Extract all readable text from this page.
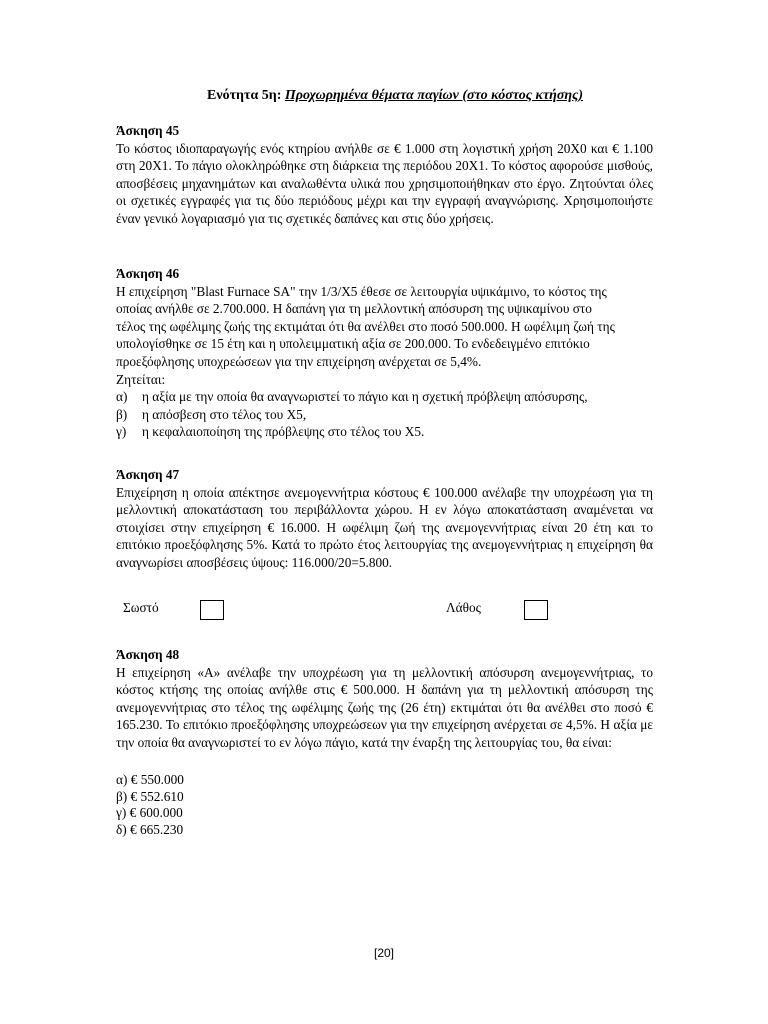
Ενότητα 5η: Προχωρημένα θέματα παγίων (στο κόστος κτήσης)
Άσκηση 45

Το κόστος ιδιοπαραγωγής ενός κτηρίου ανήλθε σε € 1.000 στη λογιστική χρήση 20Χ0 και € 1.100 στη 20Χ1. Το πάγιο ολοκληρώθηκε στη διάρκεια της περιόδου 20Χ1. Το κόστος αφορούσε μισθούς, αποσβέσεις μηχανημάτων και αναλωθέντα υλικά που χρησιμοποιήθηκαν στο έργο. Ζητούνται όλες οι σχετικές εγγραφές για τις δύο περιόδους μέχρι και την εγγραφή αναγνώρισης. Χρησιμοποιήστε έναν γενικό λογαριασμό για τις σχετικές δαπάνες και στις δύο χρήσεις.

Άσκηση 46
Η επιχείρηση "Blast Furnace SA" την 1/3/Χ5 έθεσε σε λειτουργία υψικάμινο, το κόστος της
οποίας ανήλθε σε 2.700.000. Η δαπάνη για τη μελλοντική απόσυρση της υψικαμίνου στο
τέλος της ωφέλιμης ζωής της εκτιμάται ότι θα ανέλθει στο ποσό 500.000. Η ωφέλιμη ζωή της
υπολογίσθηκε σε 15 έτη και η υπολειμματική αξία σε 200.000. Το ενδεδειγμένο επιτόκιο
προεξόφλησης υποχρεώσεων για την επιχείρηση ανέρχεται σε 5,4%.
Ζητείται:
α)	η αξία με την οποία θα αναγνωριστεί το πάγιο και η σχετική πρόβλεψη απόσυρσης,
β)	η απόσβεση στο τέλος του Χ5,
γ)	η κεφαλαιοποίηση της πρόβλεψης στο τέλος του Χ5.
Άσκηση 47

Επιχείρηση η οποία απέκτησε ανεμογεννήτρια κόστους € 100.000 ανέλαβε την υποχρέωση για τη μελλοντική αποκατάσταση του περιβάλλοντα χώρου. Η εν λόγω αποκατάσταση αναμένεται να στοιχίσει στην επιχείρηση € 16.000. Η ωφέλιμη ζωή της ανεμογεννήτριας είναι 20 έτη και το επιτόκιο προεξόφλησης 5%. Κατά το πρώτο έτος λειτουργίας της ανεμογεννήτριας η επιχείρηση θα αναγνωρίσει αποσβέσεις ύψους: 116.000/20=5.800.

Σωστό	Λάθος
Άσκηση 48

Η επιχείρηση «Α» ανέλαβε την υποχρέωση για τη μελλοντική απόσυρση ανεμογεννήτριας, το κόστος κτήσης της οποίας ανήλθε στις € 500.000. Η δαπάνη για τη μελλοντική απόσυρση της ανεμογεννήτριας στο τέλος της ωφέλιμης ζωής της (26 έτη) εκτιμάται ότι θα ανέλθει στο ποσό € 165.230. Το επιτόκιο προεξόφλησης υποχρεώσεων για την επιχείρηση ανέρχεται σε 4,5%. Η αξία με την οποία θα αναγνωριστεί το εν λόγω πάγιο, κατά την έναρξη της λειτουργίας του, θα είναι:

α) € 550.000
β) € 552.610
γ) € 600.000
δ) € 665.230
[20]
